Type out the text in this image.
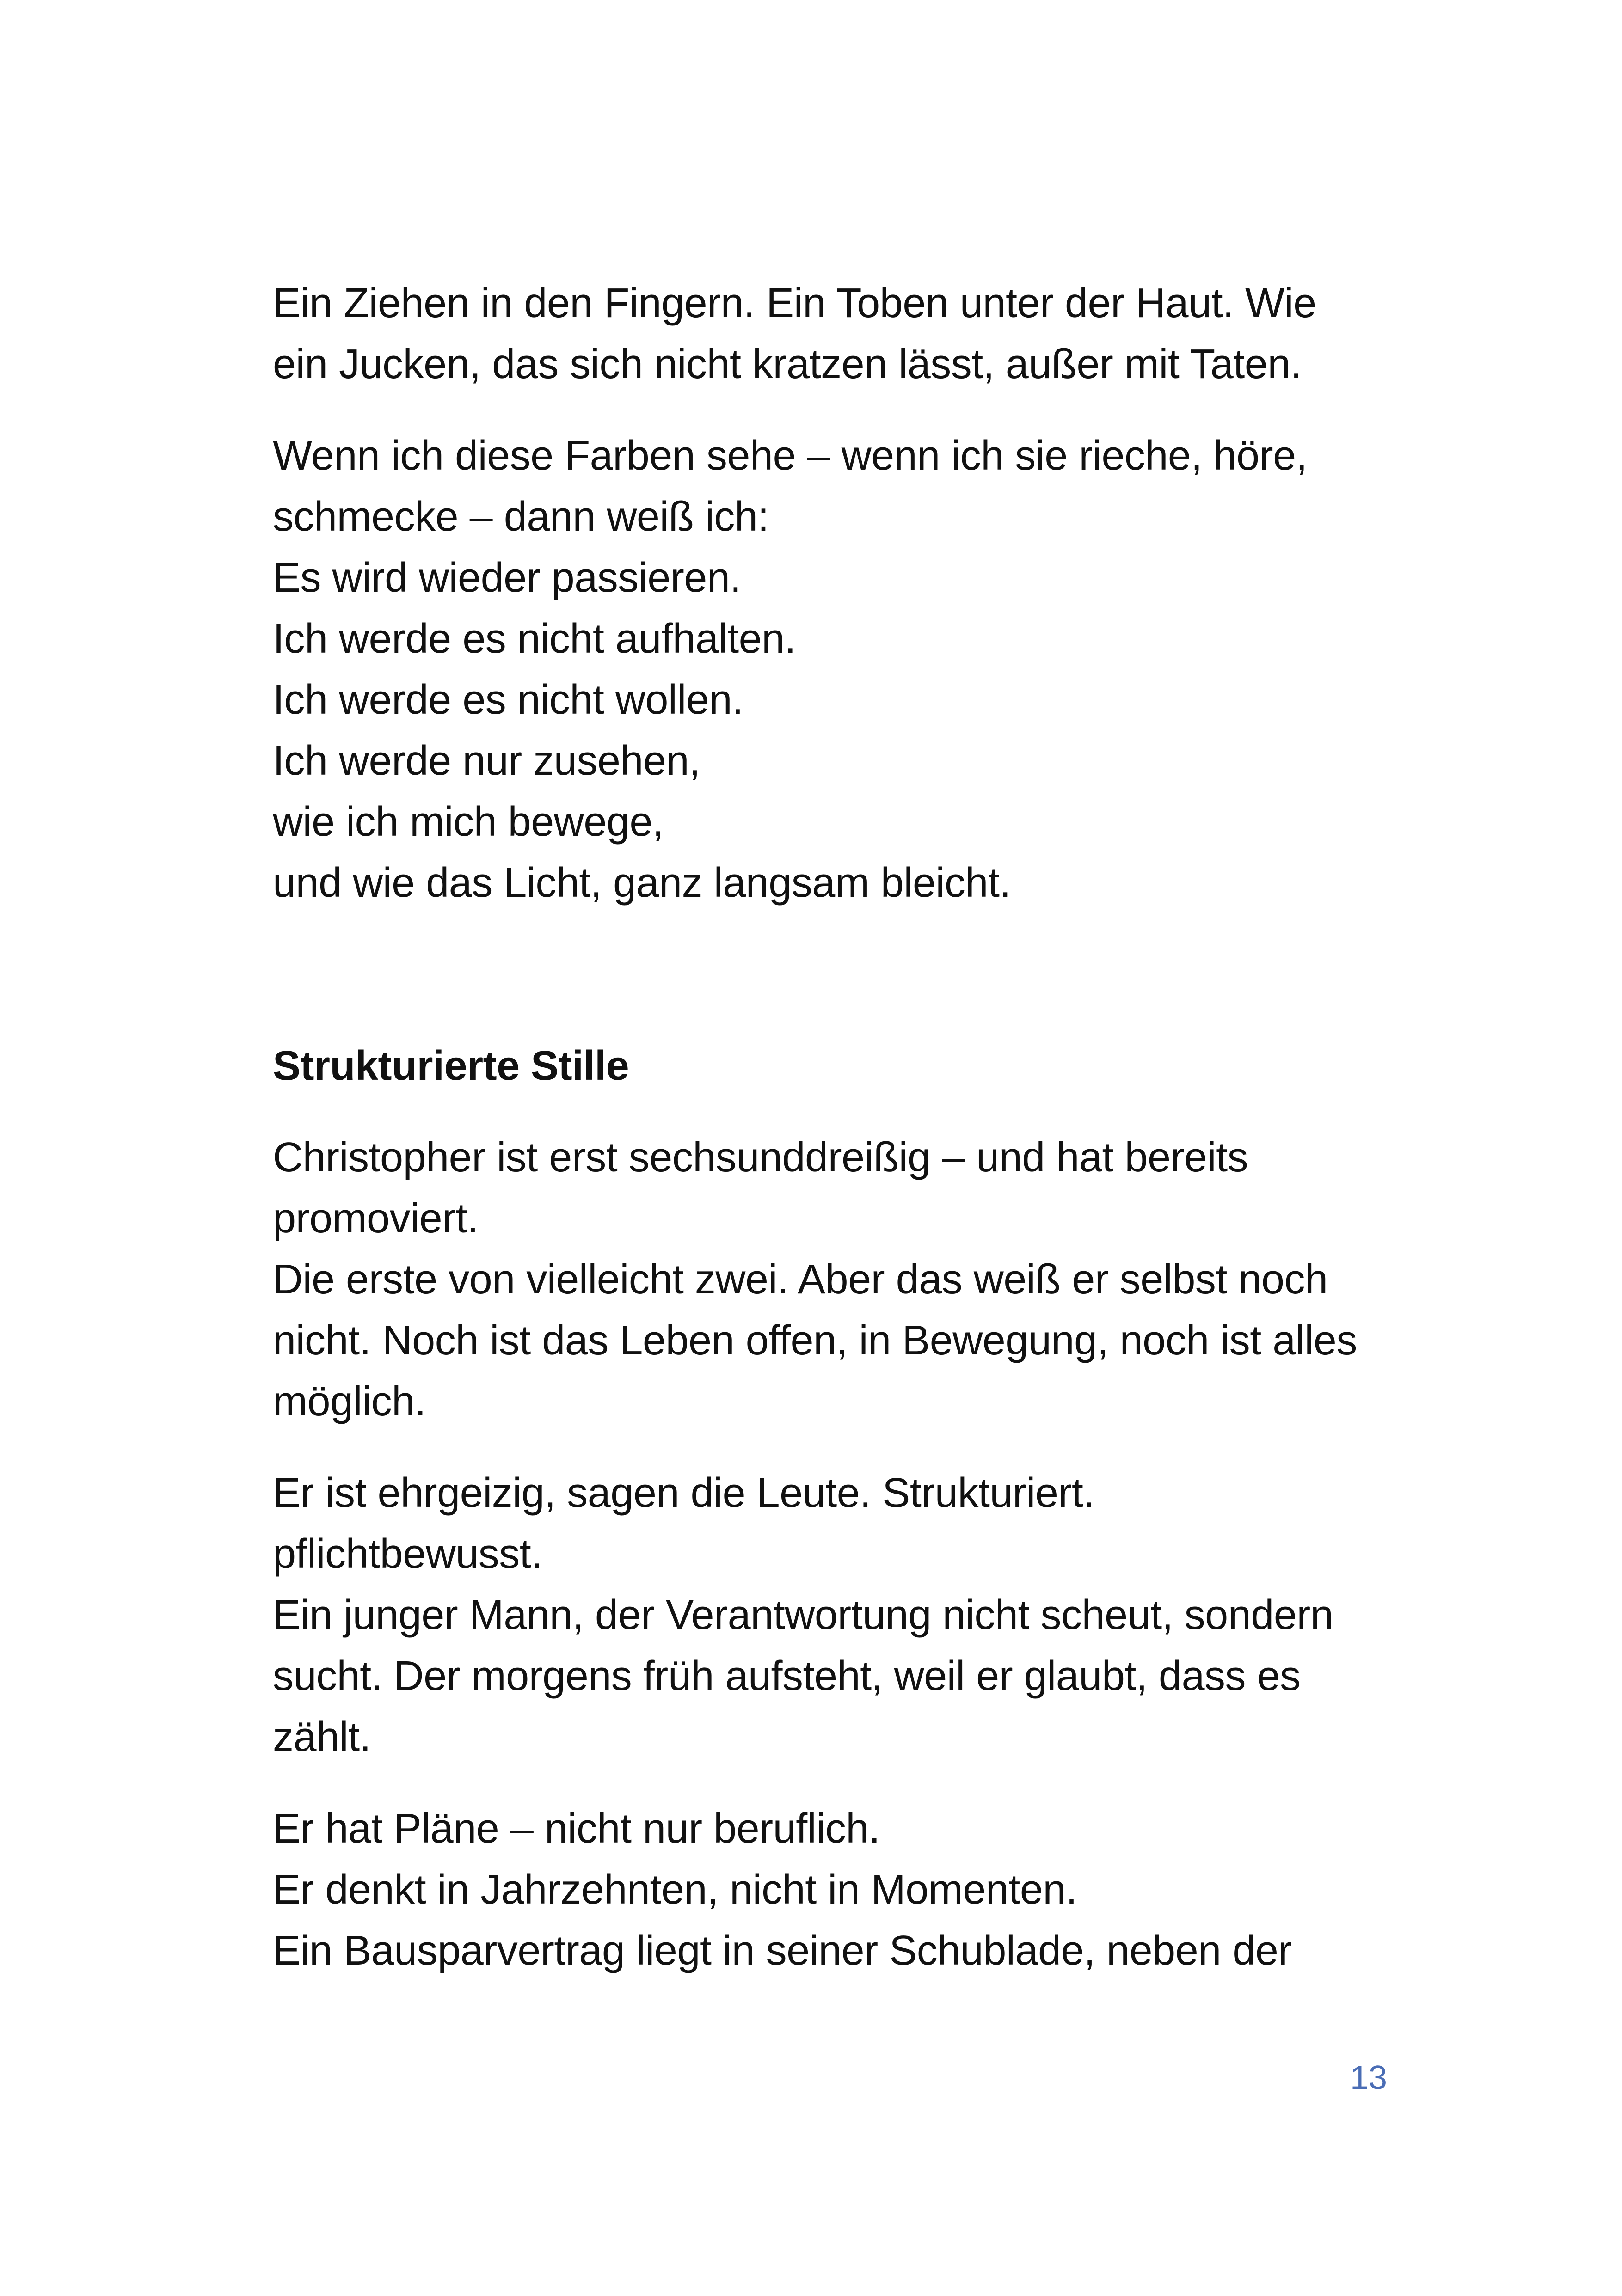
Ein Ziehen in den Fingern. Ein Toben unter der Haut. Wie
ein Jucken, das sich nicht kratzen lässt, außer mit Taten.

Wenn ich diese Farben sehe – wenn ich sie rieche, höre,
schmecke – dann weiß ich:
Es wird wieder passieren.
Ich werde es nicht aufhalten.
Ich werde es nicht wollen.
Ich werde nur zusehen,
wie ich mich bewege,
und wie das Licht, ganz langsam bleicht.

Strukturierte Stille

Christopher ist erst sechsunddreißig – und hat bereits
promoviert.
Die erste von vielleicht zwei. Aber das weiß er selbst noch
nicht. Noch ist das Leben offen, in Bewegung, noch ist alles
möglich.

Er ist ehrgeizig, sagen die Leute. Strukturiert.
pflichtbewusst.
Ein junger Mann, der Verantwortung nicht scheut, sondern
sucht. Der morgens früh aufsteht, weil er glaubt, dass es
zählt.

Er hat Pläne – nicht nur beruflich.
Er denkt in Jahrzehnten, nicht in Momenten.
Ein Bausparvertrag liegt in seiner Schublade, neben der

13
